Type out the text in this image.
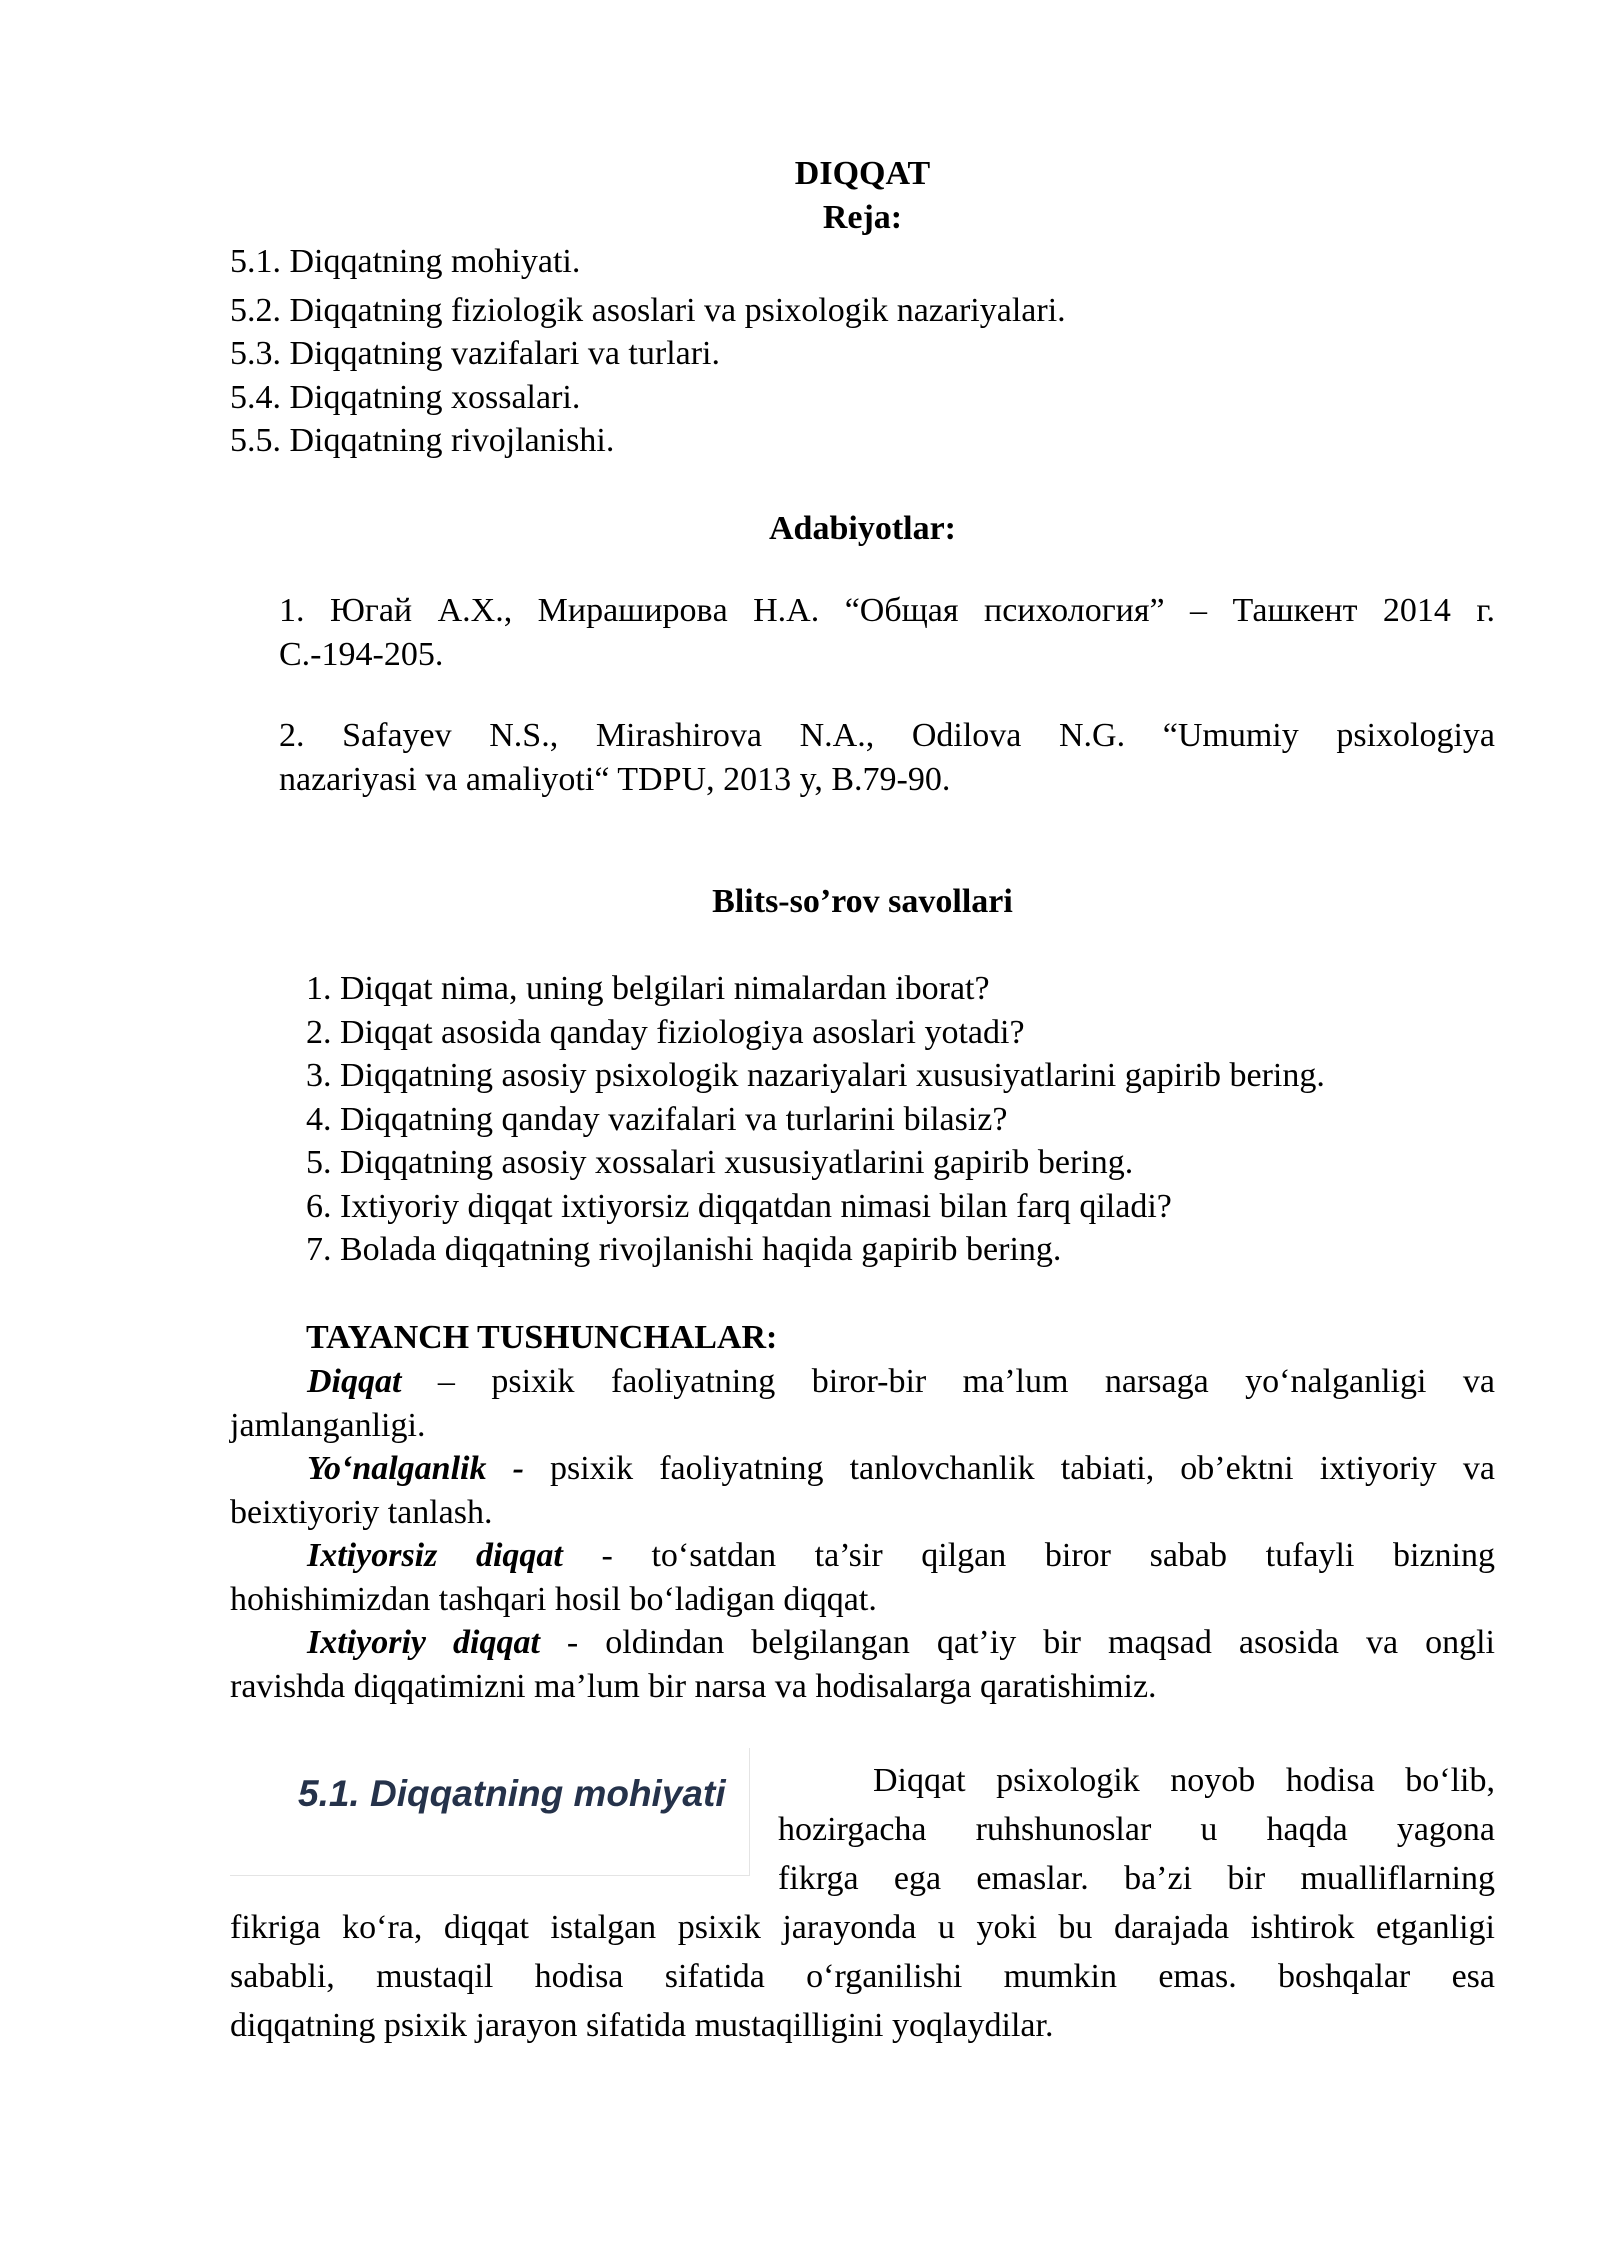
DIQQAT
Reja:
5.1. Diqqatning mohiyati.
5.2. Diqqatning fiziologik asoslari va psixologik nazariyalari.
5.3. Diqqatning vazifalari va turlari.
5.4. Diqqatning xossalari.
5.5. Diqqatning rivojlanishi.
Adabiyotlar:
1. Югай А.Х., Мирашировa Н.А. “Общая психология” – Ташкент 2014 г.
С.-194-205.
2. Safayev N.S., Mirashirova N.A., Odilova N.G. “Umumiy psixologiya
nazariyasi va amaliyoti“ TDPU, 2013 y, B.79-90.
Blits-so’rov savollari
1. Diqqat nima, uning belgilari nimalardan iborat?
2. Diqqat asosida qanday fiziologiya asoslari yotadi?
3. Diqqatning asosiy psixologik nazariyalari xususiyatlarini gapirib bering.
4. Diqqatning qanday vazifalari va turlarini bilasiz?
5. Diqqatning asosiy xossalari xususiyatlarini gapirib bering.
6. Ixtiyoriy diqqat ixtiyorsiz diqqatdan nimasi bilan farq qiladi?
7. Bolada diqqatning rivojlanishi haqida gapirib bering.
TAYANCH TUSHUNCHALAR:
Diqqat – psixik faoliyatning biror-bir ma’lum narsaga yo‘nalganligi va
jamlanganligi.
Yo‘nalganlik - psixik faoliyatning tanlovchanlik tabiati, ob’ektni ixtiyoriy va
beixtiyoriy tanlash.
Ixtiyorsiz diqqat - to‘satdan ta’sir qilgan biror sabab tufayli bizning
hohishimizdan tashqari hosil bo‘ladigan diqqat.
Ixtiyoriy diqqat - oldindan belgilangan qat’iy bir maqsad asosida va ongli
ravishda diqqatimizni ma’lum bir narsa va hodisalarga qaratishimiz.
5.1. Diqqatning mohiyati	Diqqat psixologik noyob hodisa bo‘lib,
hozirgacha ruhshunoslar u haqda yagona
fikrga ega emaslar. ba’zi bir mualliflarning
fikriga ko‘ra, diqqat istalgan psixik jarayonda u yoki bu darajada ishtirok etganligi
sababli, mustaqil hodisa sifatida o‘rganilishi mumkin emas. boshqalar esa
diqqatning psixik jarayon sifatida mustaqilligini yoqlaydilar.
